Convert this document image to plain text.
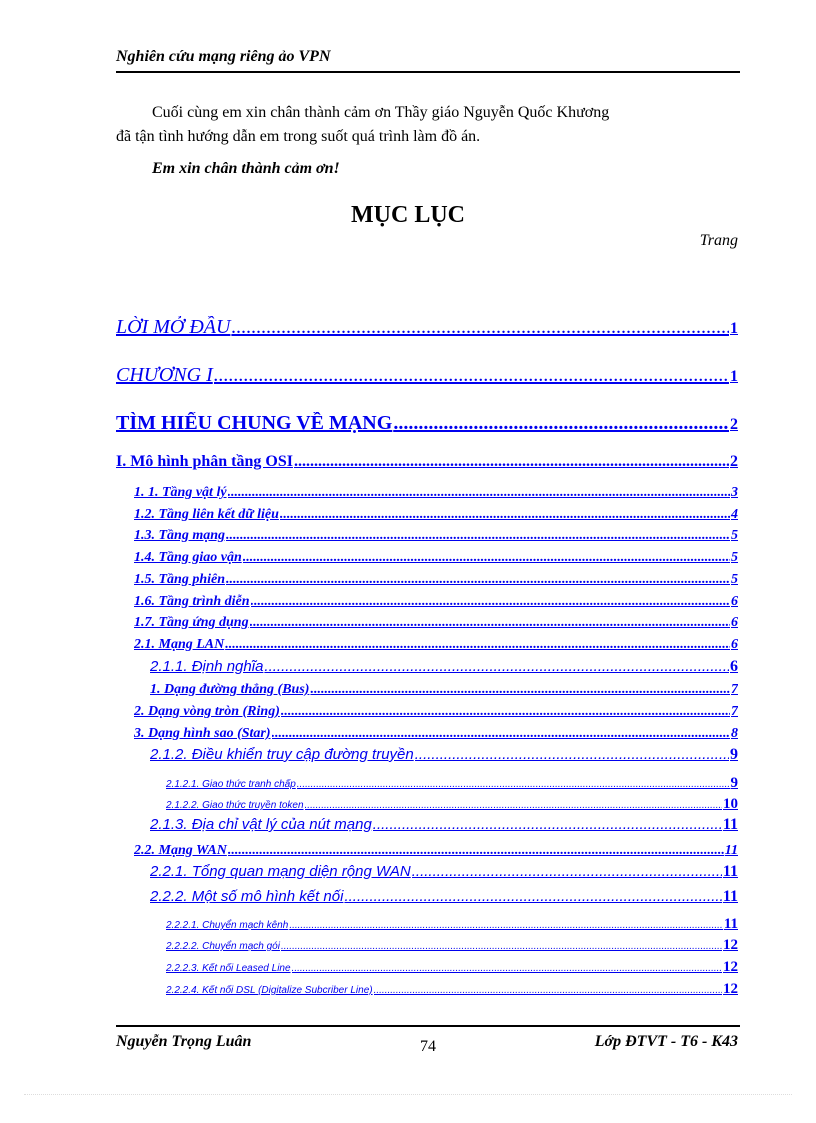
Nghiên cứu mạng riêng ảo VPN
Cuối cùng em xin chân thành cảm ơn Thầy giáo Nguyễn Quốc Khương
đã tận tình hướng dẫn em trong suốt quá trình làm đồ án.
Em xin chân thành cảm ơn!
MỤC LỤC
Trang
LỜI MỞ ĐẦU .....	1
CHƯƠNG I .....	1
TÌM HIỂU CHUNG VỀ MẠNG .....	2
I. Mô hình phân tầng OSI .....	2
1. 1. Tầng vật lý .....	3
1.2. Tầng liên kết dữ liệu .....	4
1.3. Tầng mạng .....	5
1.4. Tầng giao vận .....	5
1.5. Tầng phiên .....	5
1.6. Tầng trình diễn .....	6
1.7. Tầng ứng dụng .....	6
2.1. Mạng LAN .....	6
2.1.1. Định nghĩa .....	6
1. Dạng đường thẳng (Bus) .....	7
2. Dạng vòng tròn (Ring) .....	7
3. Dạng hình sao (Star) .....	8
2.1.2. Điều khiển truy cập đường truyền .....	9
2.1.2.1. Giao thức tranh chấp .....	9
2.1.2.2. Giao thức truyền token .....	10
2.1.3. Địa chỉ vật lý của nút mạng .....	11
2.2. Mạng WAN .....	11
2.2.1. Tổng quan mạng diện rộng WAN .....	11
2.2.2. Một số mô hình kết nối .....	11
2.2.2.1. Chuyển mạch kênh .....	11
2.2.2.2. Chuyển mạch gói .....	12
2.2.2.3. Kết nối Leased Line .....	12
2.2.2.4. Kết nối DSL (Digitalize Subcriber Line) .....	12
Nguyễn Trọng Luân	74	Lớp ĐTVT - T6 - K43
